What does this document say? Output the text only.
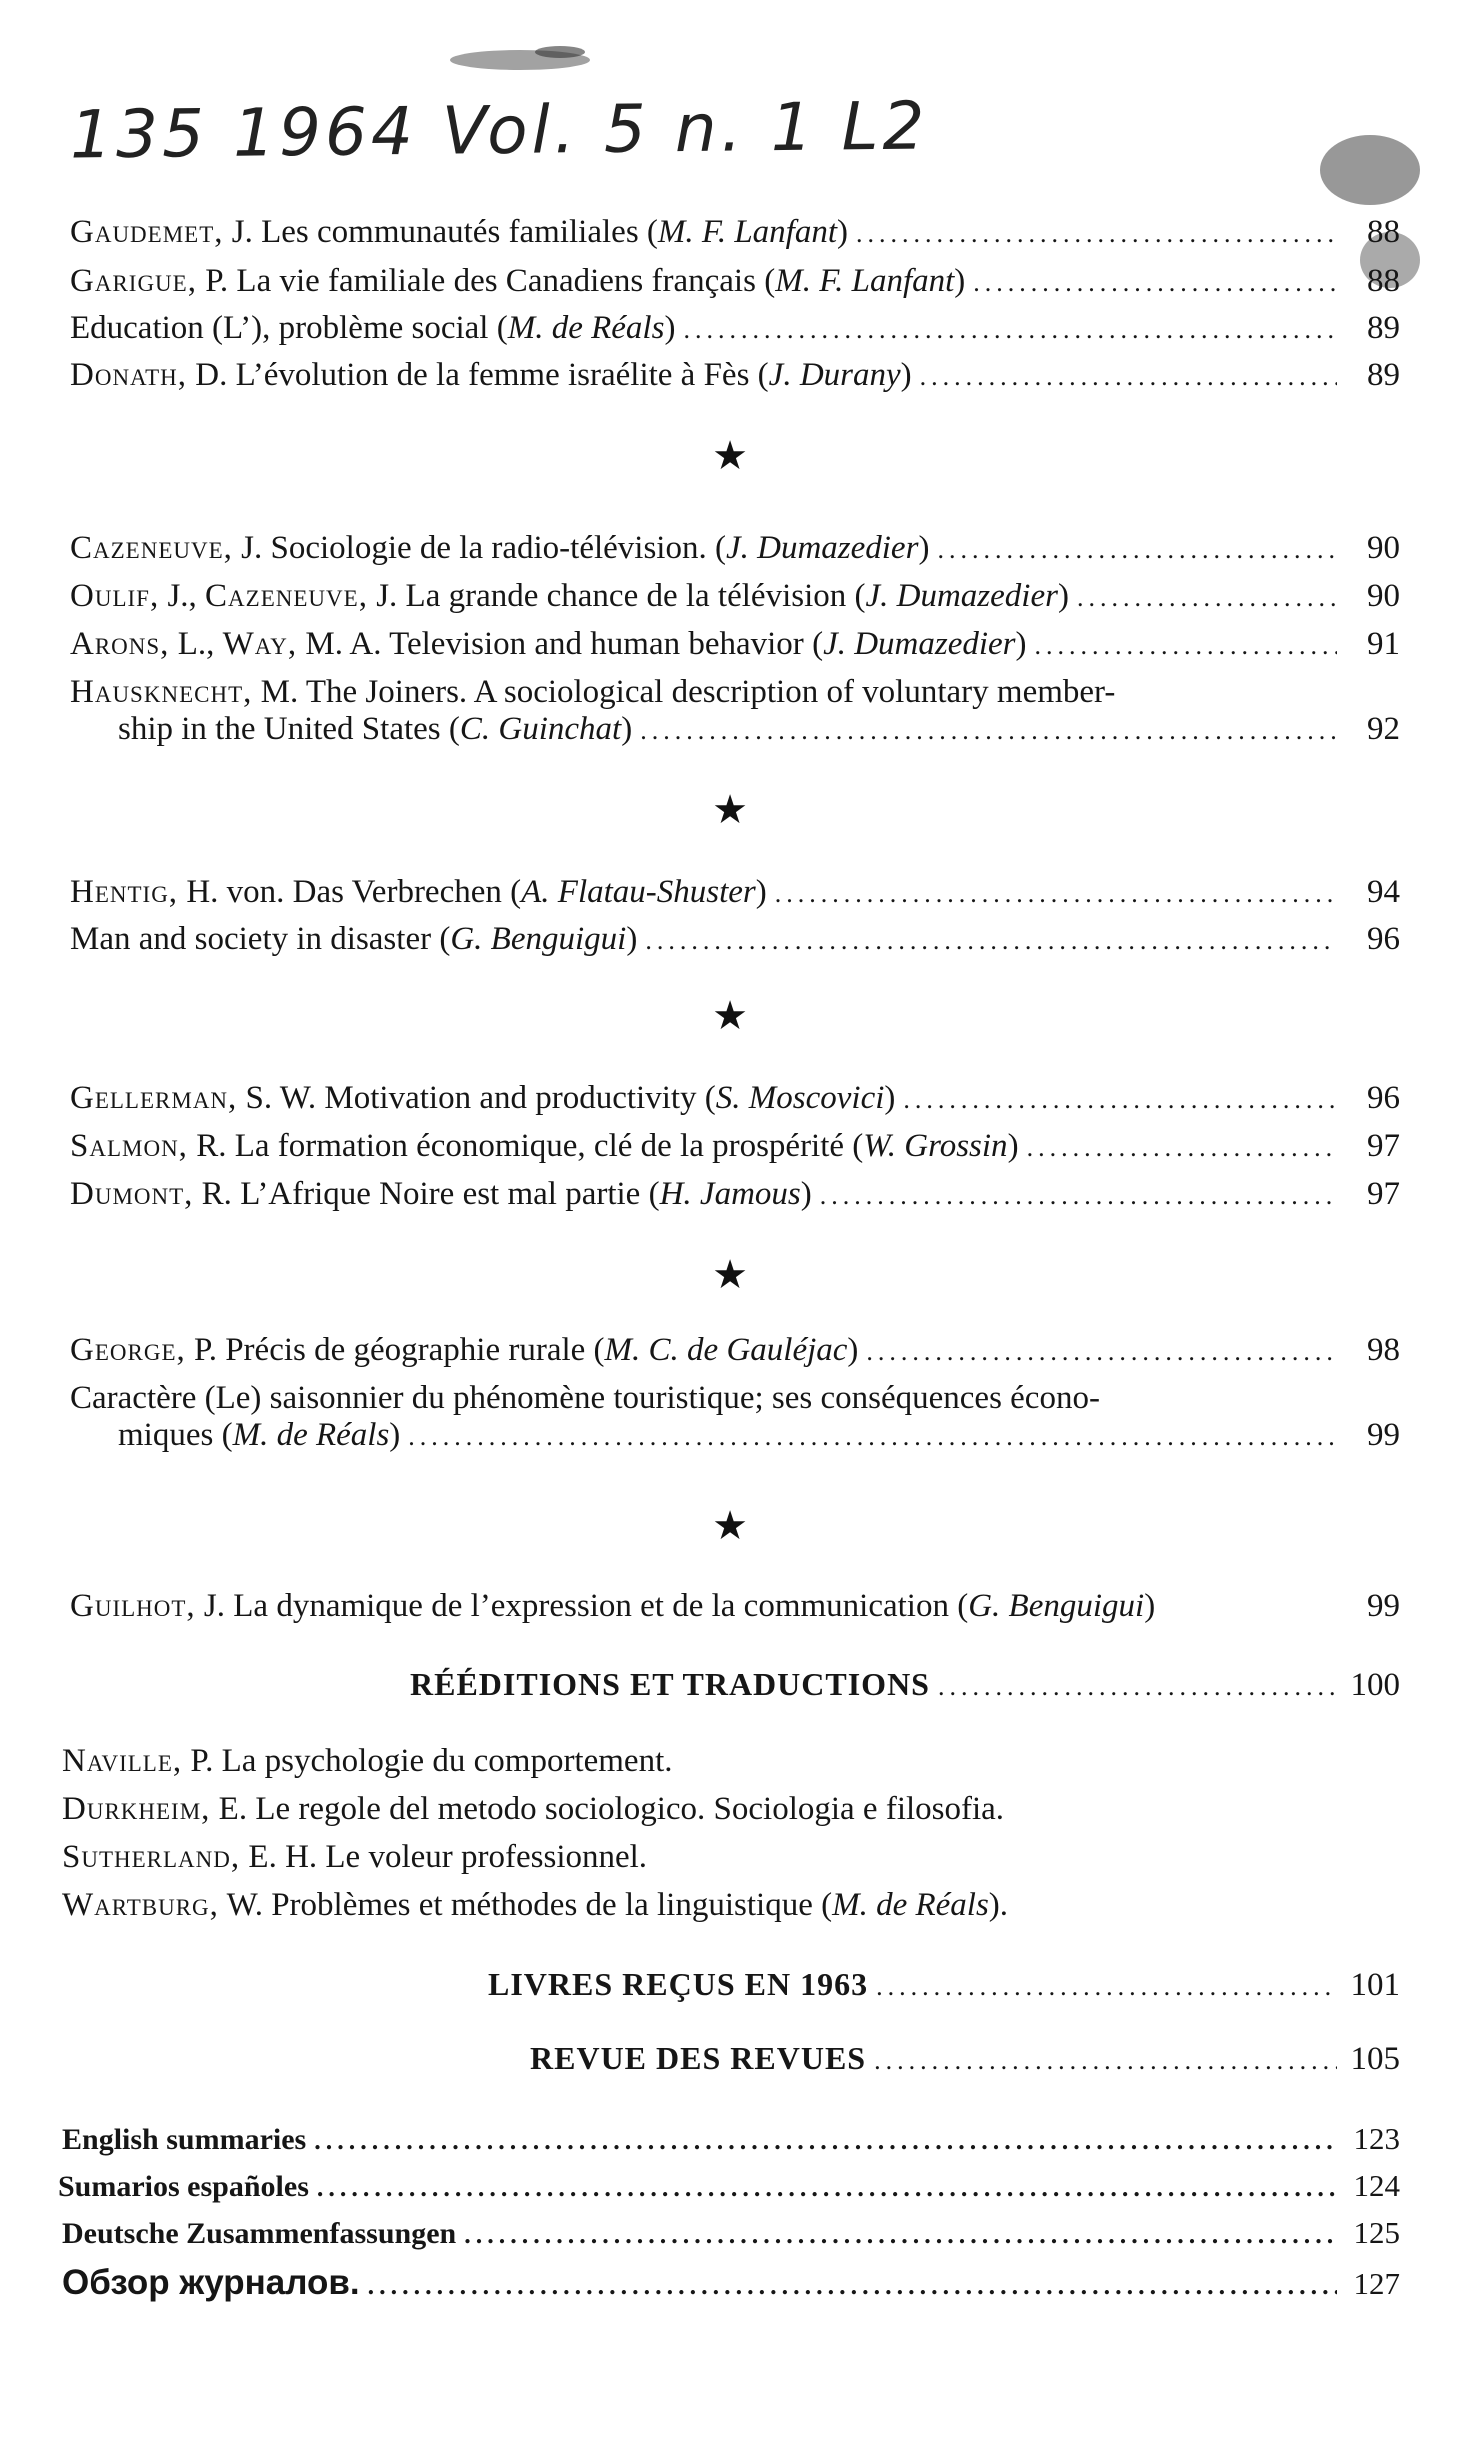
135 1964 Vol. 5 n. 1 L2
Gaudemet, J. Les communautés familiales (M. F. Lanfant) .....	88
Garigue, P. La vie familiale des Canadiens français (M. F. Lanfant) .....	88
Education (L’), problème social (M. de Réals) .....	89
Donath, D. L’évolution de la femme israélite à Fès (J. Durany) .....	89
★
Cazeneuve, J. Sociologie de la radio-télévision. (J. Dumazedier) .....	90
Oulif, J., Cazeneuve, J. La grande chance de la télévision (J. Dumazedier) .....	90
Arons, L., Way, M. A. Television and human behavior (J. Dumazedier) .....	91
Hausknecht, M. The Joiners. A sociological description of voluntary member-
ship in the United States (C. Guinchat) .....	92
★
Hentig, H. von. Das Verbrechen (A. Flatau-Shuster) .....	94
Man and society in disaster (G. Benguigui) .....	96
★
Gellerman, S. W. Motivation and productivity (S. Moscovici) .....	96
Salmon, R. La formation économique, clé de la prospérité (W. Grossin) .....	97
Dumont, R. L’Afrique Noire est mal partie (H. Jamous) .....	97
★
George, P. Précis de géographie rurale (M. C. de Gauléjac) .....	98
Caractère (Le) saisonnier du phénomène touristique; ses conséquences écono-
miques (M. de Réals) .....	99
★
Guilhot, J. La dynamique de l’expression et de la communication (G. Benguigui)	99
RÉÉDITIONS ET TRADUCTIONS .....	100
Naville, P. La psychologie du comportement.
Durkheim, E. Le regole del metodo sociologico. Sociologia e filosofia.
Sutherland, E. H. Le voleur professionnel.
Wartburg, W. Problèmes et méthodes de la linguistique (M. de Réals).
LIVRES REÇUS EN 1963 .....	101
REVUE DES REVUES .....	105
English summaries .....	123
Sumarios españoles .....	124
Deutsche Zusammenfassungen .....	125
Обзор журналов. .....	127
